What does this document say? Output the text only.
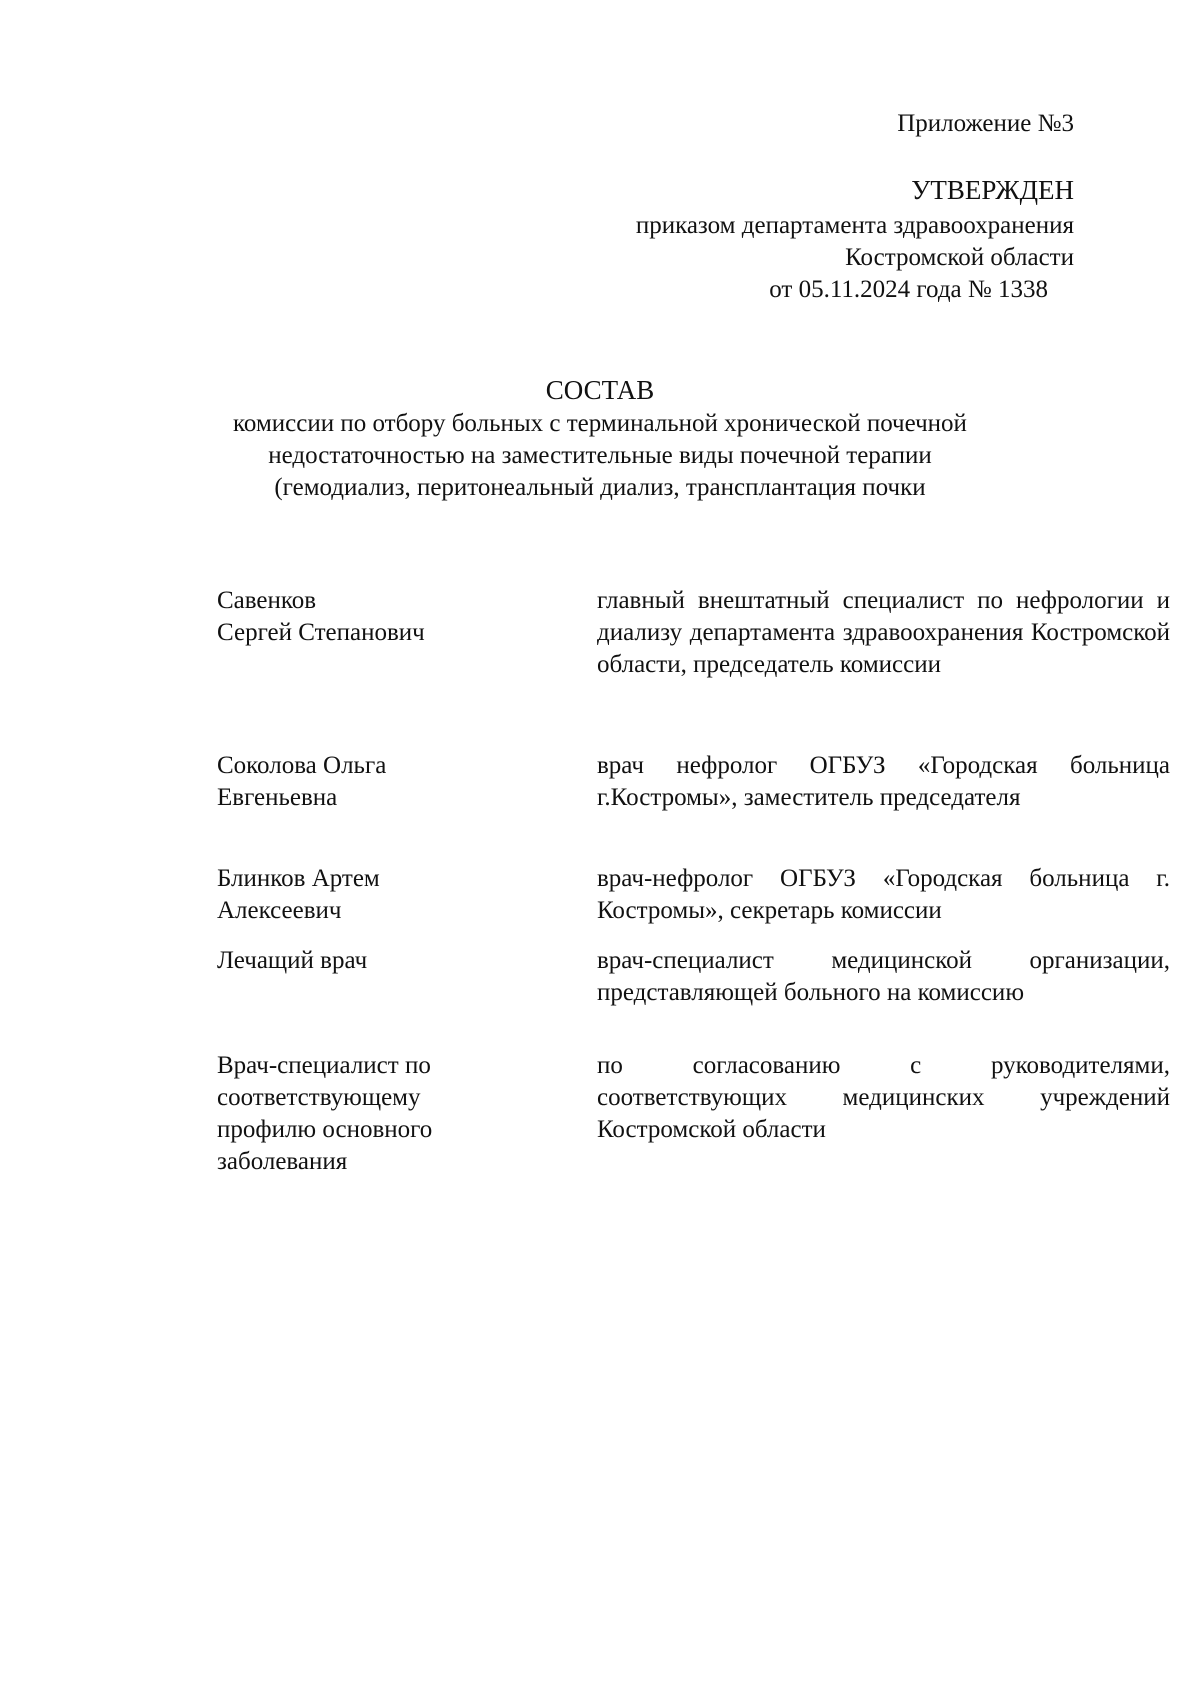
Приложение №3
УТВЕРЖДЕН
приказом департамента здравоохранения
Костромской области
от 05.11.2024 года № 1338
СОСТАВ
комиссии по отбору больных с терминальной хронической почечной
недостаточностью на заместительные виды почечной терапии
(гемодиализ, перитонеальный диализ, трансплантация почки
Савенков
Сергей Степанович
главный внештатный специалист по нефрологии и диализу департамента здравоохранения Костромской области, председатель комиссии
Соколова Ольга
Евгеньевна
врач нефролог ОГБУЗ «Городская больница г.Костромы», заместитель председателя
Блинков Артем
Алексеевич
врач-нефролог ОГБУЗ «Городская больница г. Костромы», секретарь комиссии
Лечащий врач	врач-специалист медицинской организации, представляющей больного на комиссию
Врач-специалист по
соответствующему
профилю основного
заболевания
по согласованию с руководителями, соответствующих медицинских учреждений Костромской области
